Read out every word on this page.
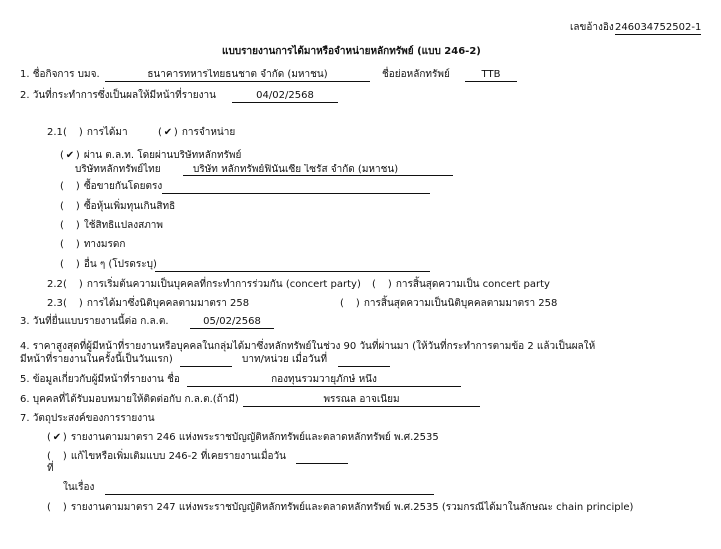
เลขอ้างอิง 246034752502-1
แบบรายงานการได้มาหรือจำหน่ายหลักทรัพย์ (แบบ 246-2)
1. ชื่อกิจการ บมจ.	ธนาคารทหารไทยธนชาต จำกัด (มหาชน)	ชื่อย่อหลักทรัพย์	TTB
2. วันที่กระทำการซึ่งเป็นผลให้มีหน้าที่รายงาน	04/02/2568
2.1 ( ) การได้มา	( ✔ ) การจำหน่าย
( ✔ ) ผ่าน ต.ล.ท. โดยผ่านบริษัทหลักทรัพย์
บริษัทหลักทรัพย์ไทย	บริษัท หลักทรัพย์ฟินันเซีย ไซรัส จำกัด (มหาชน)
( ) ซื้อขายกันโดยตรง
( ) ซื้อหุ้นเพิ่มทุนเกินสิทธิ
( ) ใช้สิทธิแปลงสภาพ
( ) ทางมรดก
( ) อื่น ๆ (โปรดระบุ)
2.2 ( ) การเริ่มต้นความเป็นบุคคลที่กระทำการร่วมกัน (concert party) ( ) การสิ้นสุดความเป็น concert party
2.3 ( ) การได้มาซึ่งนิติบุคคลตามมาตรา 258	( ) การสิ้นสุดความเป็นนิติบุคคลตามมาตรา 258
3. วันที่ยื่นแบบรายงานนี้ต่อ ก.ล.ต.	05/02/2568
4. ราคาสูงสุดที่ผู้มีหน้าที่รายงานหรือบุคคลในกลุ่มได้มาซึ่งหลักทรัพย์ในช่วง 90 วันที่ผ่านมา (ให้วันที่กระทำการตามข้อ 2 แล้วเป็นผลให้
มีหน้าที่รายงานในครั้งนี้เป็นวันแรก)	บาท/หน่วย เมื่อวันที่
5. ข้อมูลเกี่ยวกับผู้มีหน้าที่รายงาน ชื่อ	กองทุนรวมวายุภักษ์ หนึ่ง
6. บุคคลที่ได้รับมอบหมายให้ติดต่อกับ ก.ล.ต.(ถ้ามี)	พรรณล อาจเนียม
7. วัตถุประสงค์ของการรายงาน
( ✔ ) รายงานตามมาตรา 246 แห่งพระราชบัญญัติหลักทรัพย์และตลาดหลักทรัพย์ พ.ศ.2535
( ) แก้ไขหรือเพิ่มเติมแบบ 246-2 ที่เคยรายงานเมื่อวัน
ที่
ในเรื่อง
( ) รายงานตามมาตรา 247 แห่งพระราชบัญญัติหลักทรัพย์และตลาดหลักทรัพย์ พ.ศ.2535 (รวมกรณีได้มาในลักษณะ chain principle)
